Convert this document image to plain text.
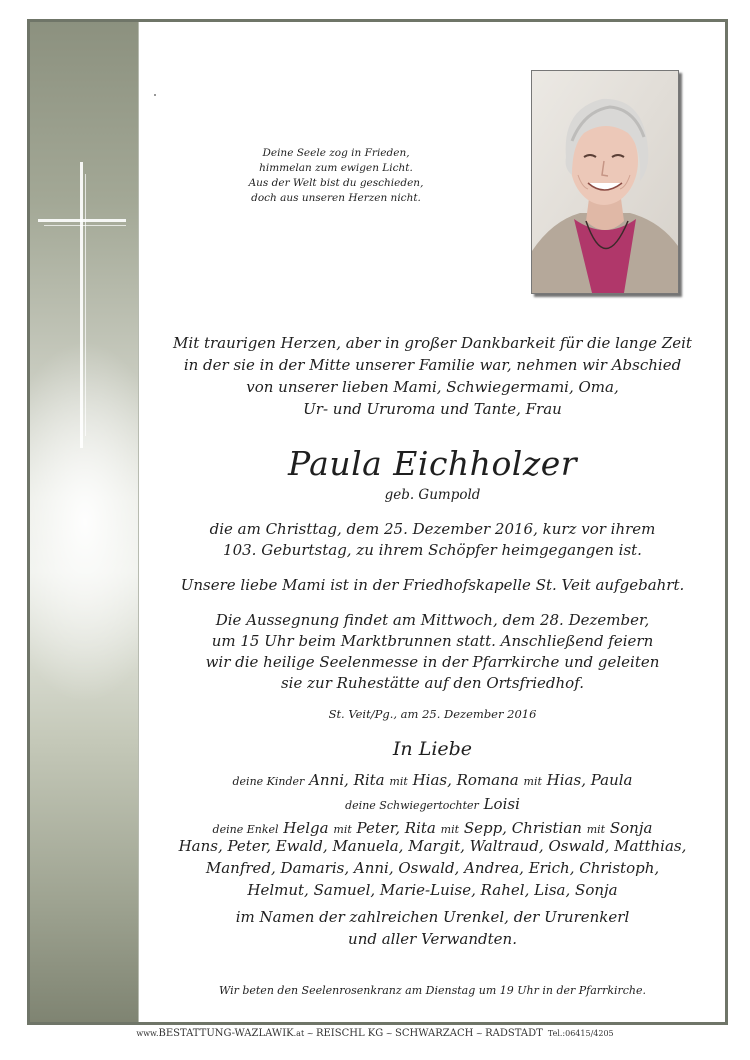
Deine Seele zog in Frieden,
himmelan zum ewigen Licht.
Aus der Welt bist du geschieden,
doch aus unseren Herzen nicht.
Mit traurigen Herzen, aber in großer Dankbarkeit für die lange Zeit
in der sie in der Mitte unserer Familie war, nehmen wir Abschied
von unserer lieben Mami, Schwiegermami, Oma,
Ur- und Ururoma und Tante, Frau
Paula Eichholzer
geb. Gumpold
die am Christtag, dem 25. Dezember 2016, kurz vor ihrem
103. Geburtstag, zu ihrem Schöpfer heimgegangen ist.
Unsere liebe Mami ist in der Friedhofskapelle St. Veit aufgebahrt.
Die Aussegnung findet am Mittwoch, dem 28. Dezember,
um 15 Uhr beim Marktbrunnen statt. Anschließend feiern
wir die heilige Seelenmesse in der Pfarrkirche und geleiten
sie zur Ruhestätte auf den Ortsfriedhof.
St. Veit/Pg., am 25. Dezember 2016
In Liebe
deine Kinder Anni, Rita mit Hias, Romana mit Hias, Paula
deine Schwiegertochter Loisi
deine Enkel Helga mit Peter, Rita mit Sepp, Christian mit Sonja
Hans, Peter, Ewald, Manuela, Margit, Waltraud, Oswald, Matthias,
Manfred, Damaris, Anni, Oswald, Andrea, Erich, Christoph,
Helmut, Samuel, Marie-Luise, Rahel, Lisa, Sonja
im Namen der zahlreichen Urenkel, der Ururenkerl
und aller Verwandten.
Wir beten den Seelenrosenkranz am Dienstag um 19 Uhr in der Pfarrkirche.
www.BESTATTUNG-WAZLAWIK.at ~ REISCHL KG ~ SCHWARZACH ~ RADSTADT  Tel.:06415/4205
